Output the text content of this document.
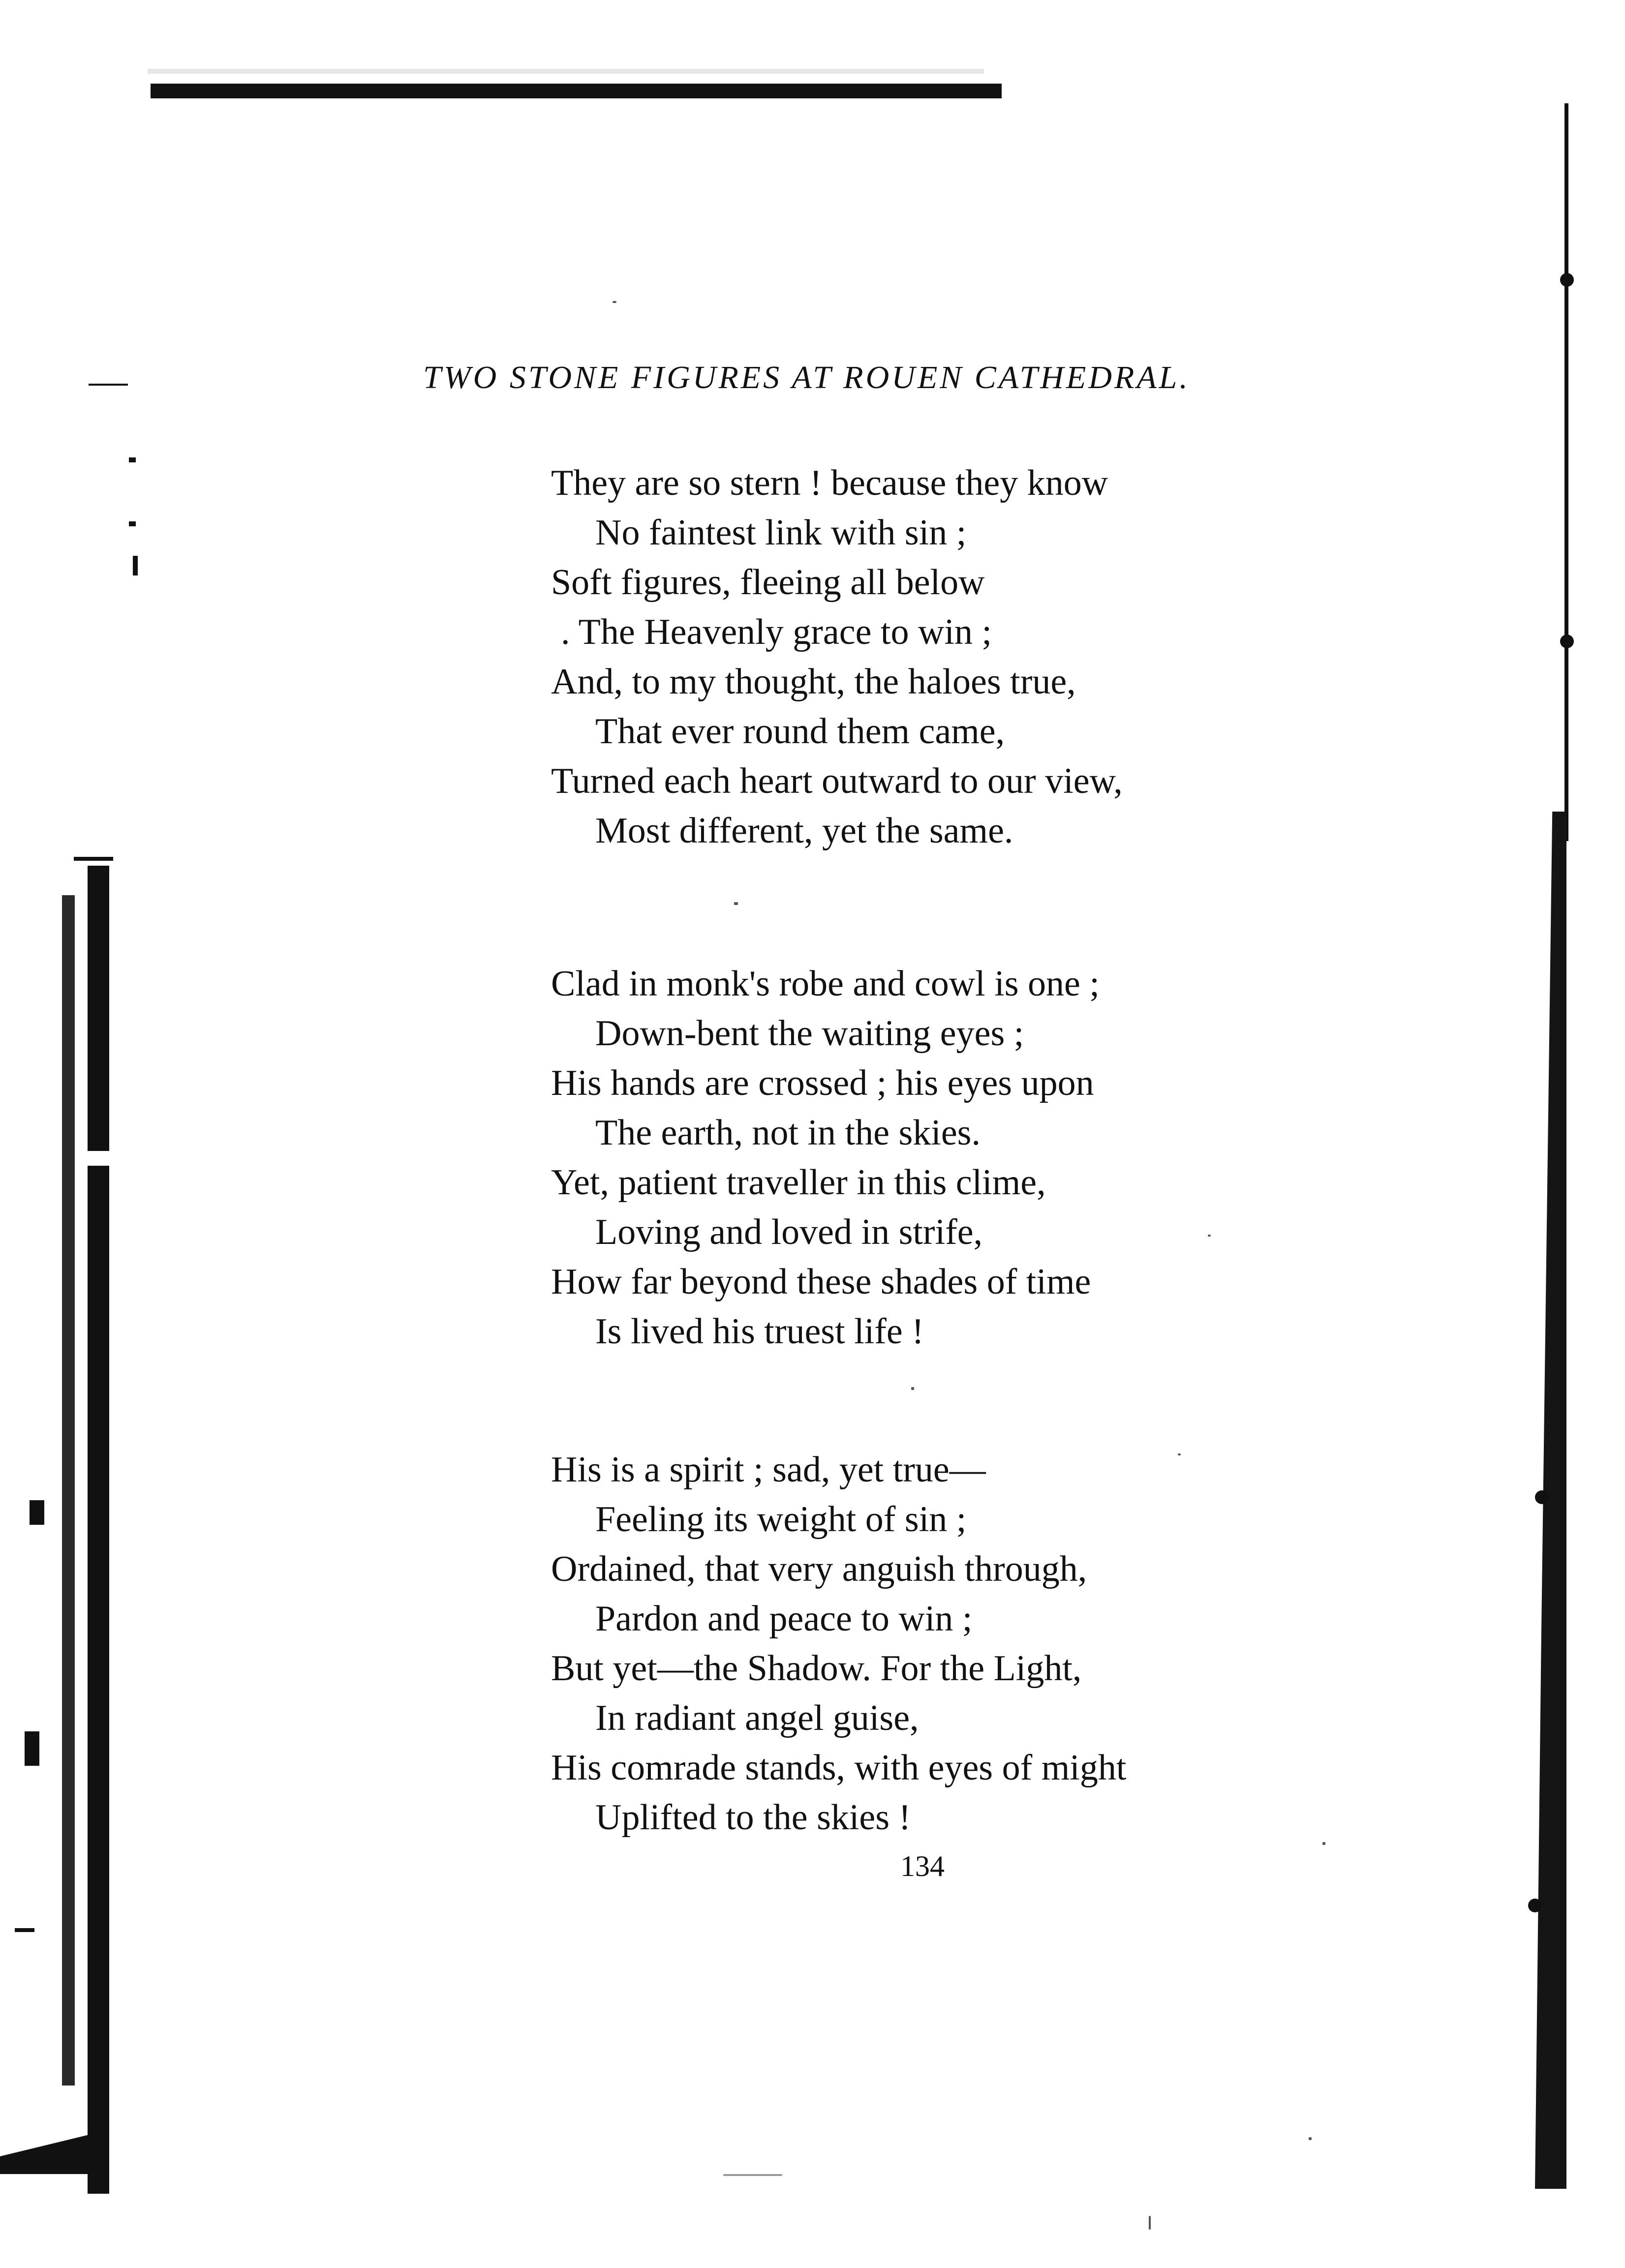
TWO STONE FIGURES AT ROUEN CATHEDRAL.
They are so stern ! because they know
No faintest link with sin ;
Soft figures, fleeing all below
. The Heavenly grace to win ;
And, to my thought, the haloes true,
That ever round them came,
Turned each heart outward to our view,
Most different, yet the same.
Clad in monk's robe and cowl is one ;
Down-bent the waiting eyes ;
His hands are crossed ; his eyes upon
The earth, not in the skies.
Yet, patient traveller in this clime,
Loving and loved in strife,
How far beyond these shades of time
Is lived his truest life !
His is a spirit ; sad, yet true—
Feeling its weight of sin ;
Ordained, that very anguish through,
Pardon and peace to win ;
But yet—the Shadow. For the Light,
In radiant angel guise,
His comrade stands, with eyes of might
Uplifted to the skies !
134
